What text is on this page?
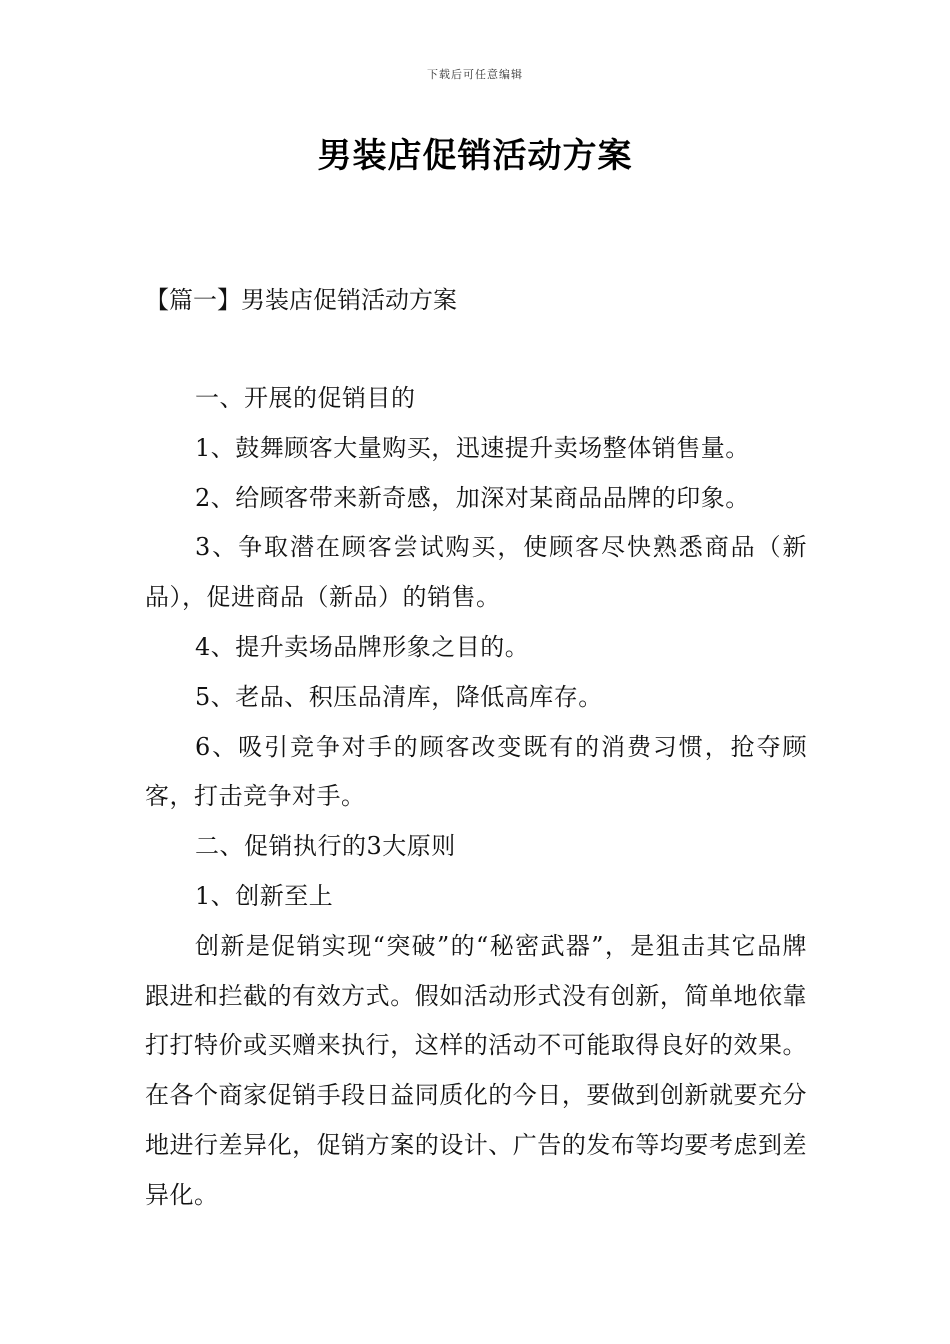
下载后可任意编辑
男装店促销活动方案
【篇一】男装店促销活动方案

一、开展的促销目的

1、鼓舞顾客大量购买，迅速提升卖场整体销售量。

2、给顾客带来新奇感，加深对某商品品牌的印象。

3、争取潜在顾客尝试购买，使顾客尽快熟悉商品（新品），促进商品（新品）的销售。

4、提升卖场品牌形象之目的。

5、老品、积压品清库，降低高库存。

6、吸引竞争对手的顾客改变既有的消费习惯，抢夺顾客，打击竞争对手。

二、促销执行的3大原则

1、创新至上

创新是促销实现“突破”的“秘密武器”，是狙击其它品牌跟进和拦截的有效方式。假如活动形式没有创新，简单地依靠打打特价或买赠来执行，这样的活动不可能取得良好的效果。在各个商家促销手段日益同质化的今日，要做到创新就要充分地进行差异化，促销方案的设计、广告的发布等均要考虑到差异化。
